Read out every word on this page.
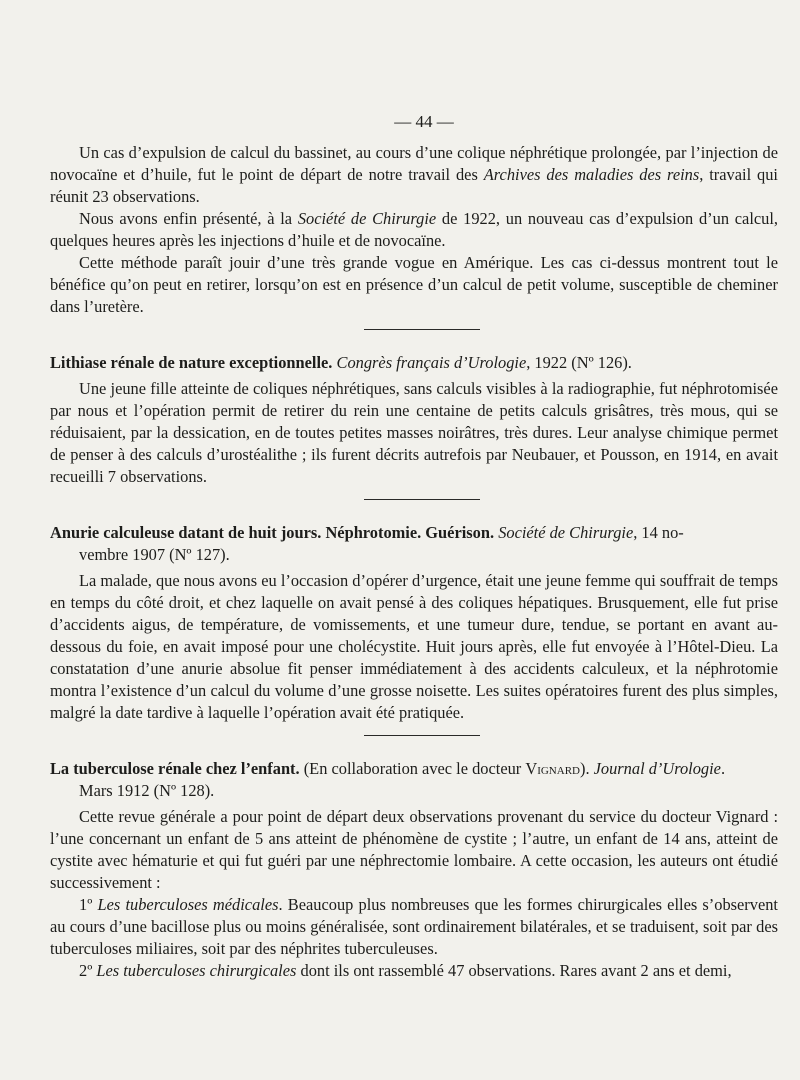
— 44 —

Un cas d’expulsion de calcul du bassinet, au cours d’une colique néphrétique prolongée, par l’injection de novocaïne et d’huile, fut le point de départ de notre travail des Archives des maladies des reins, travail qui réunit 23 observations.

Nous avons enfin présenté, à la Société de Chirurgie de 1922, un nouveau cas d’expulsion d’un calcul, quelques heures après les injections d’huile et de novocaïne.

Cette méthode paraît jouir d’une très grande vogue en Amérique. Les cas ci-dessus montrent tout le bénéfice qu’on peut en retirer, lorsqu’on est en présence d’un calcul de petit volume, susceptible de cheminer dans l’uretère.

Lithiase rénale de nature exceptionnelle. Congrès français d’Urologie, 1922 (Nº 126).

Une jeune fille atteinte de coliques néphrétiques, sans calculs visibles à la radiographie, fut néphrotomisée par nous et l’opération permit de retirer du rein une centaine de petits calculs grisâtres, très mous, qui se réduisaient, par la dessication, en de toutes petites masses noirâtres, très dures. Leur analyse chimique permet de penser à des calculs d’urostéalithe ; ils furent décrits autrefois par Neubauer, et Pousson, en 1914, en avait recueilli 7 observations.

Anurie calculeuse datant de huit jours. Néphrotomie. Guérison. Société de Chirurgie, 14 no-
vembre 1907 (Nº 127).

La malade, que nous avons eu l’occasion d’opérer d’urgence, était une jeune femme qui souffrait de temps en temps du côté droit, et chez laquelle on avait pensé à des coliques hépatiques. Brusquement, elle fut prise d’accidents aigus, de température, de vomissements, et une tumeur dure, tendue, se portant en avant au-dessous du foie, en avait imposé pour une cholécystite. Huit jours après, elle fut envoyée à l’Hôtel-Dieu. La constatation d’une anurie absolue fit penser immédiatement à des accidents calculeux, et la néphrotomie montra l’existence d’un calcul du volume d’une grosse noisette. Les suites opératoires furent des plus simples, malgré la date tardive à laquelle l’opération avait été pratiquée.

La tuberculose rénale chez l’enfant. (En collaboration avec le docteur Vignard). Journal d’Urologie.
Mars 1912 (Nº 128).

Cette revue générale a pour point de départ deux observations provenant du service du docteur Vignard : l’une concernant un enfant de 5 ans atteint de phénomène de cystite ; l’autre, un enfant de 14 ans, atteint de cystite avec hématurie et qui fut guéri par une néphrectomie lombaire. A cette occasion, les auteurs ont étudié successivement :

1º Les tuberculoses médicales. Beaucoup plus nombreuses que les formes chirurgicales elles s’observent au cours d’une bacillose plus ou moins généralisée, sont ordinairement bilatérales, et se traduisent, soit par des tuberculoses miliaires, soit par des néphrites tuberculeuses.

2º Les tuberculoses chirurgicales dont ils ont rassemblé 47 observations. Rares avant 2 ans et demi,
